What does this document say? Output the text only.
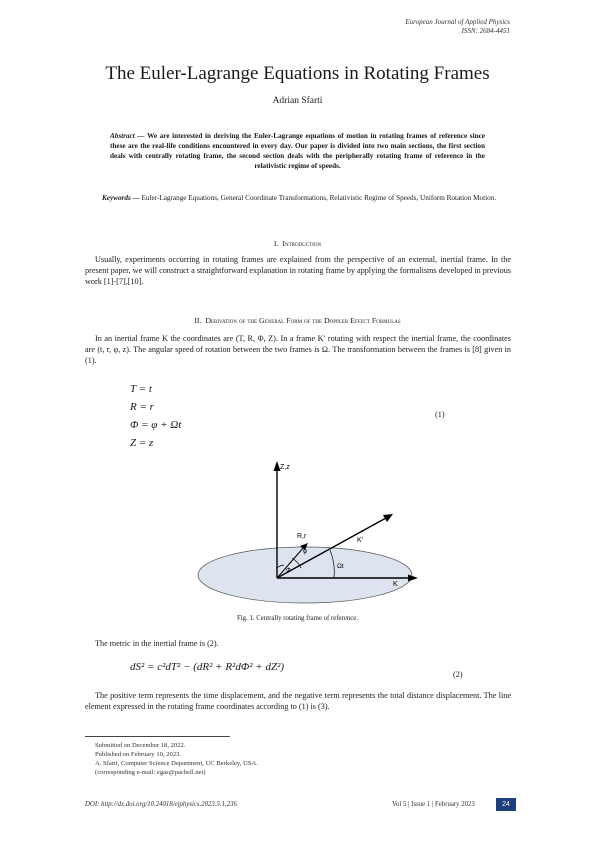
European Journal of Applied Physics
ISSN: 2684-4451
The Euler-Lagrange Equations in Rotating Frames
Adrian Sfarti
Abstract — We are interested in deriving the Euler-Lagrange equations of motion in rotating frames of reference since these are the real-life conditions encountered in every day. Our paper is divided into two main sections, the first section deals with centrally rotating frame, the second section deals with the peripherally rotating frame of reference in the relativistic regime of speeds.
Keywords — Euler-Lagrange Equations, General Coordinate Transformations, Relativistic Regime of Speeds, Uniform Rotation Motion.
I. Introduction
Usually, experiments occurring in rotating frames are explained from the perspective of an external, inertial frame. In the present paper, we will construct a straightforward explanation in rotating frame by applying the formalisms developed in previous work [1]-[7],[10].
II. Derivation of the General Form of the Doppler Effect Formulas
In an inertial frame K the coordinates are (T, R, Φ, Z). In a frame K′ rotating with respect the inertial frame, the coordinates are (t, r, φ, z). The angular speed of rotation between the two frames is Ω. The transformation between the frames is [8] given in (1).
T = t
R = r
Φ = φ + Ωt
Z = z
(1)
Z,z
R,r
K'
K
ϕ
Φ
Ωt
Fig. 1. Centrally rotating frame of reference.
The metric in the inertial frame is (2).
dS² = c²dT² − (dR² + R²dΦ² + dZ²)
(2)
The positive term represents the time displacement, and the negative term represents the total distance displacement. The line element expressed in the rotating frame coordinates according to (1) is (3).
Submitted on December 18, 2022.
Published on February 10, 2023.
A. Sfarti, Computer Science Department, UC Berkeley, USA.
(corresponding e-mail: egas@pacbell.net)
DOI: http://dx.doi.org/10.24018/ejphysics.2023.5.1.236	Vol 5 | Issue 1 | February 2023	24
